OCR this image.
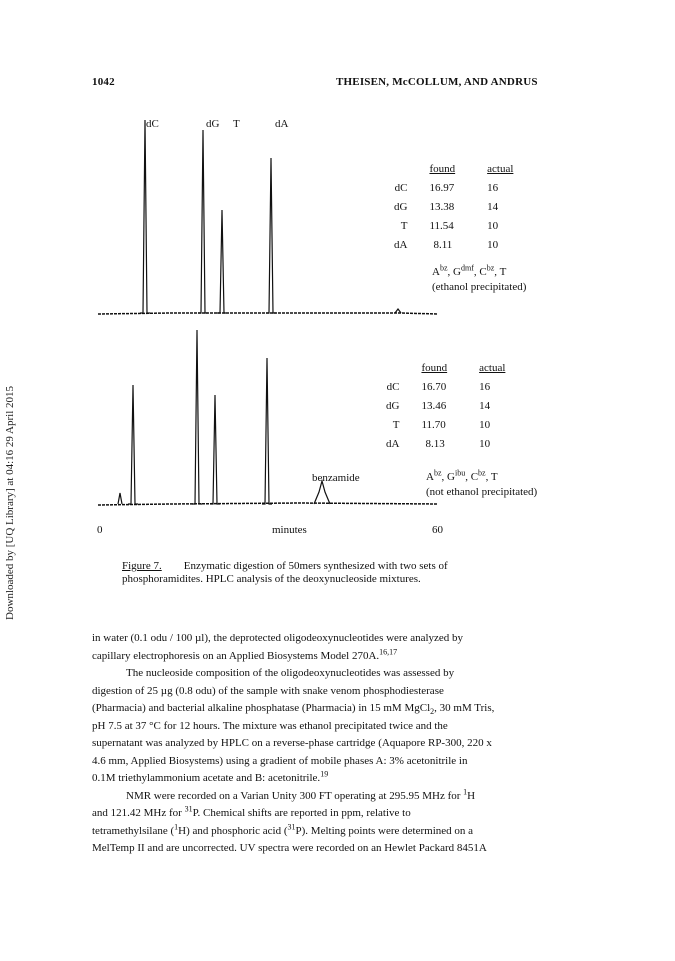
1042	THEISEN, McCOLLUM, AND ANDRUS
Downloaded by [UQ Library] at 04:16 29 April 2015
dC	dG T	dA
	found	actual
dC	16.97	16
dG	13.38	14
T	11.54	10
dA	8.11	10
$A^{bz}$, $G^{dmf}$, $C^{bz}$, T
(ethanol precipitated)
	found	actual
dC	16.70	16
dG	13.46	14
T	11.70	10
dA	8.13	10
benzamide	$A^{bz}$, $G^{ibu}$, $C^{bz}$, T
(not ethanol precipitated)
0	minutes	60
Figure 7. Enzymatic digestion of 50mers synthesized with two sets of
phosphoramidites. HPLC analysis of the deoxynucleoside mixtures.

in water (0.1 odu / 100 µl), the deprotected oligodeoxynucleotides were analyzed by
capillary electrophoresis on an Applied Biosystems Model 270A.$^{16,17}$

The nucleoside composition of the oligodeoxynucleotides was assessed by
digestion of 25 µg (0.8 odu) of the sample with snake venom phosphodiesterase
(Pharmacia) and bacterial alkaline phosphatase (Pharmacia) in 15 mM MgCl$_2$, 30 mM Tris,
pH 7.5 at 37 °C for 12 hours. The mixture was ethanol precipitated twice and the
supernatant was analyzed by HPLC on a reverse-phase cartridge (Aquapore RP-300, 220 x
4.6 mm, Applied Biosystems) using a gradient of mobile phases A: 3% acetonitrile in
0.1M triethylammonium acetate and B: acetonitrile.$^{19}$

NMR were recorded on a Varian Unity 300 FT operating at 295.95 MHz for $^1$H
and 121.42 MHz for $^{31}$P. Chemical shifts are reported in ppm, relative to
tetramethylsilane ($^1$H) and phosphoric acid ($^{31}$P). Melting points were determined on a
MelTemp II and are uncorrected. UV spectra were recorded on an Hewlet Packard 8451A
